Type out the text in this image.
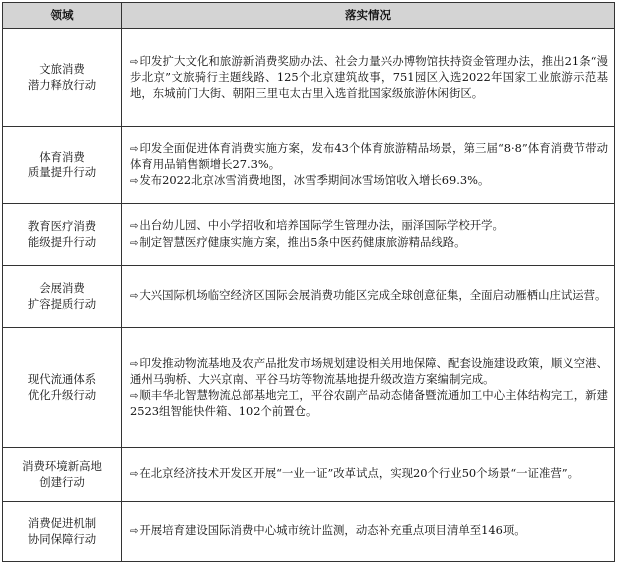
领域	落实情况

文旅消费
潜力释放行动	⇨印发扩大文化和旅游新消费奖励办法、社会力量兴办博物馆扶持资金管理办法，推出21条“漫步北京”文旅骑行主题线路、125个北京建筑故事，751园区入选2022年国家工业旅游示范基地，东城前门大街、朝阳三里屯太古里入选首批国家级旅游休闲街区。

体育消费
质量提升行动	⇨印发全面促进体育消费实施方案，发布43个体育旅游精品场景，第三届“8·8”体育消费节带动体育用品销售额增长27.3%。
⇨发布2022北京冰雪消费地图，冰雪季期间冰雪场馆收入增长69.3%。

教育医疗消费
能级提升行动	⇨出台幼儿园、中小学招收和培养国际学生管理办法，丽泽国际学校开学。
⇨制定智慧医疗健康实施方案，推出5条中医药健康旅游精品线路。

会展消费
扩容提质行动	⇨大兴国际机场临空经济区国际会展消费功能区完成全球创意征集，全面启动雁栖山庄试运营。

现代流通体系
优化升级行动	⇨印发推动物流基地及农产品批发市场规划建设相关用地保障、配套设施建设政策，顺义空港、通州马驹桥、大兴京南、平谷马坊等物流基地提升级改造方案编制完成。
⇨顺丰华北智慧物流总部基地完工，平谷农副产品动态储备暨流通加工中心主体结构完工，新建2523组智能快件箱、102个前置仓。

消费环境新高地
创建行动	⇨在北京经济技术开发区开展“一业一证”改革试点，实现20个行业50个场景“一证准营”。

消费促进机制
协同保障行动	⇨开展培育建设国际消费中心城市统计监测，动态补充重点项目清单至146项。
